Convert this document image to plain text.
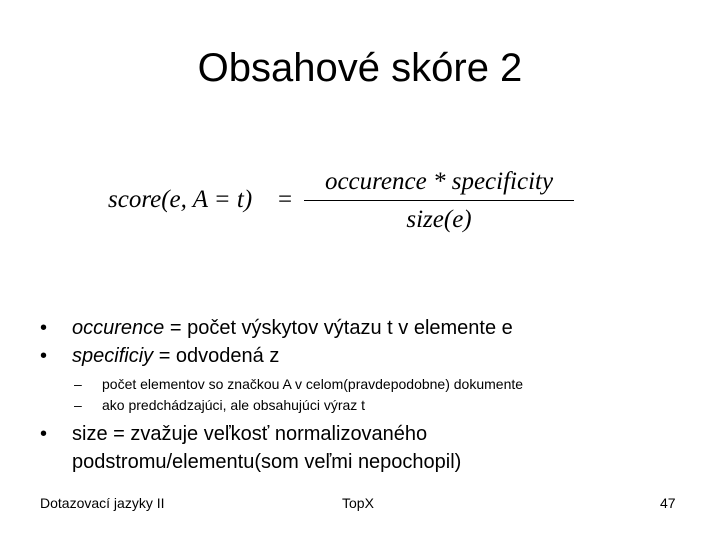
Obsahové skóre 2
score(e, A = t) =
occurence * specificity
size(e)
• occurence = počet výskytov výtazu t v elemente e
• specificiy = odvodená z
– počet elementov so značkou A v celom(pravdepodobne) dokumente
– ako predchádzajúci, ale obsahujúci výraz t
• size = zvažuje veľkosť normalizovaného podstromu/elementu(som veľmi nepochopil)
Dotazovací jazyky II	TopX	47
